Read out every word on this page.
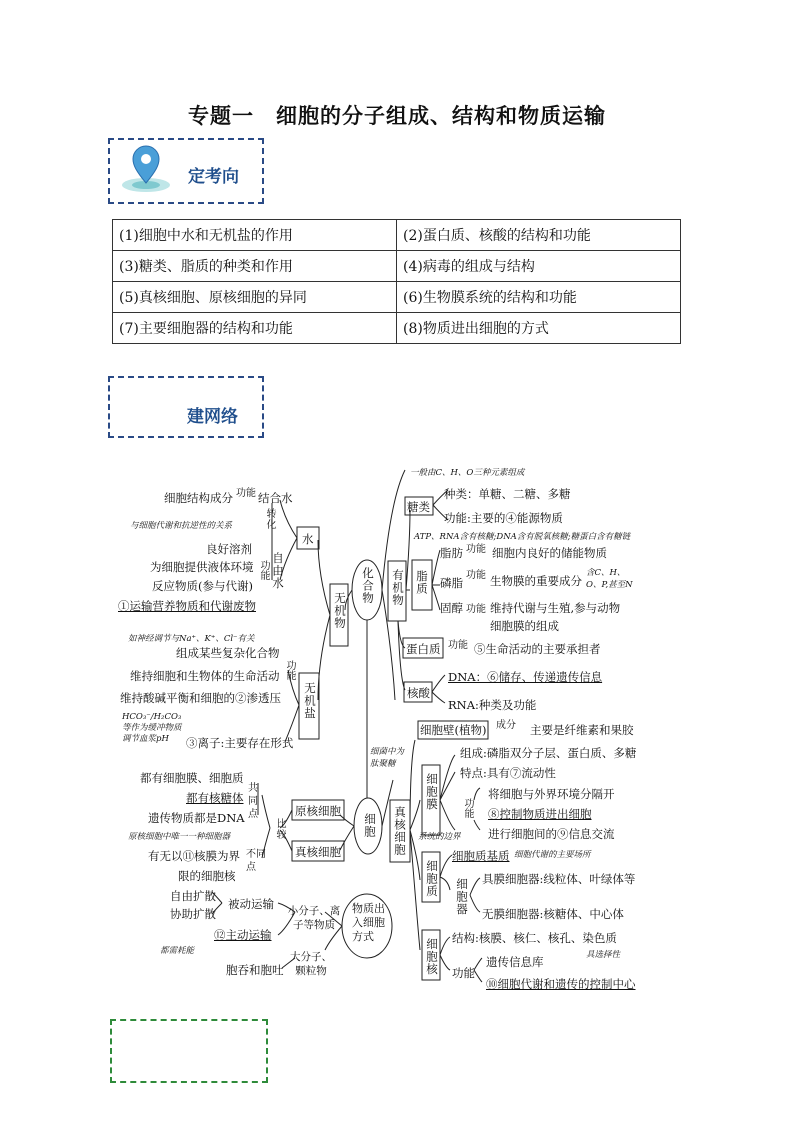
专题一　细胞的分子组成、结构和物质运输
定考向
(1)细胞中水和无机盐的作用	(2)蛋白质、核酸的结构和功能
(3)糖类、脂质的种类和作用	(4)病毒的组成与结构
(5)真核细胞、原核细胞的异同	(6)生物膜系统的结构和功能
(7)主要细胞器的结构和功能	(8)物质进出细胞的方式
建网络
化合物
细胞
物质出入细胞方式
无机物
水
无机盐
结合水
转化
自由水
功能
功能
细胞结构成分
与细胞代谢和抗逆性的关系
良好溶剂
为细胞提供液体环境
反应物质(参与代谢)
①运输营养物质和代谢废物
如神经调节与Na⁺、K⁺、Cl⁻有关
组成某些复杂化合物
维持细胞和生物体的生命活动 功能
维持酸碱平衡和细胞的②渗透压
HCO₃⁻/H₂CO₃等作为缓冲物质调节血浆pH	③离子:主要存在形式
有机物
糖类
一般由C、H、O三种元素组成
种类：单糖、二糖、多糖
功能:主要的④能源物质
ATP、RNA含有核糖;DNA含有脱氧核糖;糖蛋白含有糖链
脂质
脂肪 功能 细胞内良好的储能物质
磷脂
功能 生物膜的重要成分
含C、H、O、P,甚至N
固醇 功能 维持代谢与生殖,参与动物
细胞膜的组成
蛋白质 功能 ⑤生命活动的主要承担者
核酸
DNA：⑥储存、传递遗传信息
RNA:种类及功能
细胞壁(植物) 成分 主要是纤维素和果胶
细菌中为肽聚糖
真核细胞
细胞膜
组成:磷脂双分子层、蛋白质、多糖
特点:具有⑦流动性
功能
将细胞与外界环境分隔开
⑧控制物质进出细胞
进行细胞间的⑨信息交流
系统的边界
细胞质
细胞质基质 细胞代谢的主要场所
细胞器 具膜细胞器:线粒体、叶绿体等
无膜细胞器:核糖体、中心体
细胞核 结构:核膜、核仁、核孔、染色质
具选择性
功能
遗传信息库
⑩细胞代谢和遗传的控制中心
原核细胞
真核细胞
比较
共同点
不同点
都有细胞膜、细胞质
都有核糖体
遗传物质都是DNA
原核细胞中唯一一种细胞器
有无以⑪核膜为界
限的细胞核
小分子、离子等物质
大分子、颗粒物
被动运输
自由扩散
协助扩散
⑫主动运输
都需耗能
胞吞和胞吐
